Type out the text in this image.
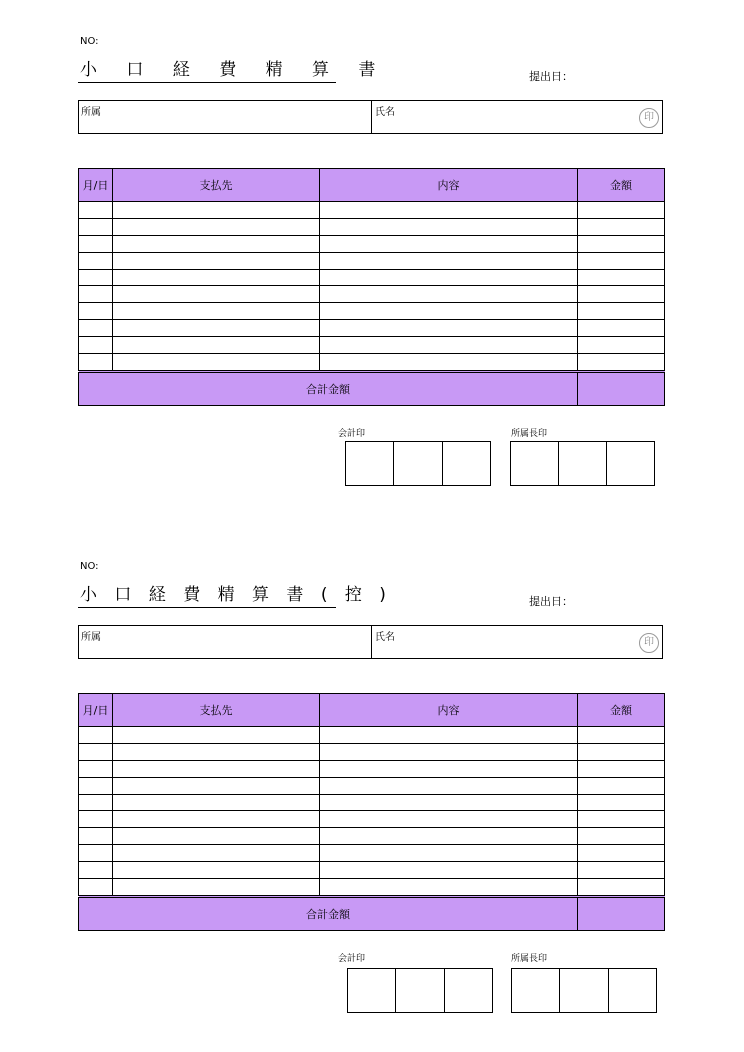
NO:
小 口 経 費 精 算 書	提出日：
所属	氏名	印
月/日	支払先	内容	金額

合計金額			
会計印	所属長印
NO:
小 口 経 費 精 算 書 ( 控 )	提出日：
所属	氏名	印
月/日	支払先	内容	金額

合計金額			
会計印	所属長印
